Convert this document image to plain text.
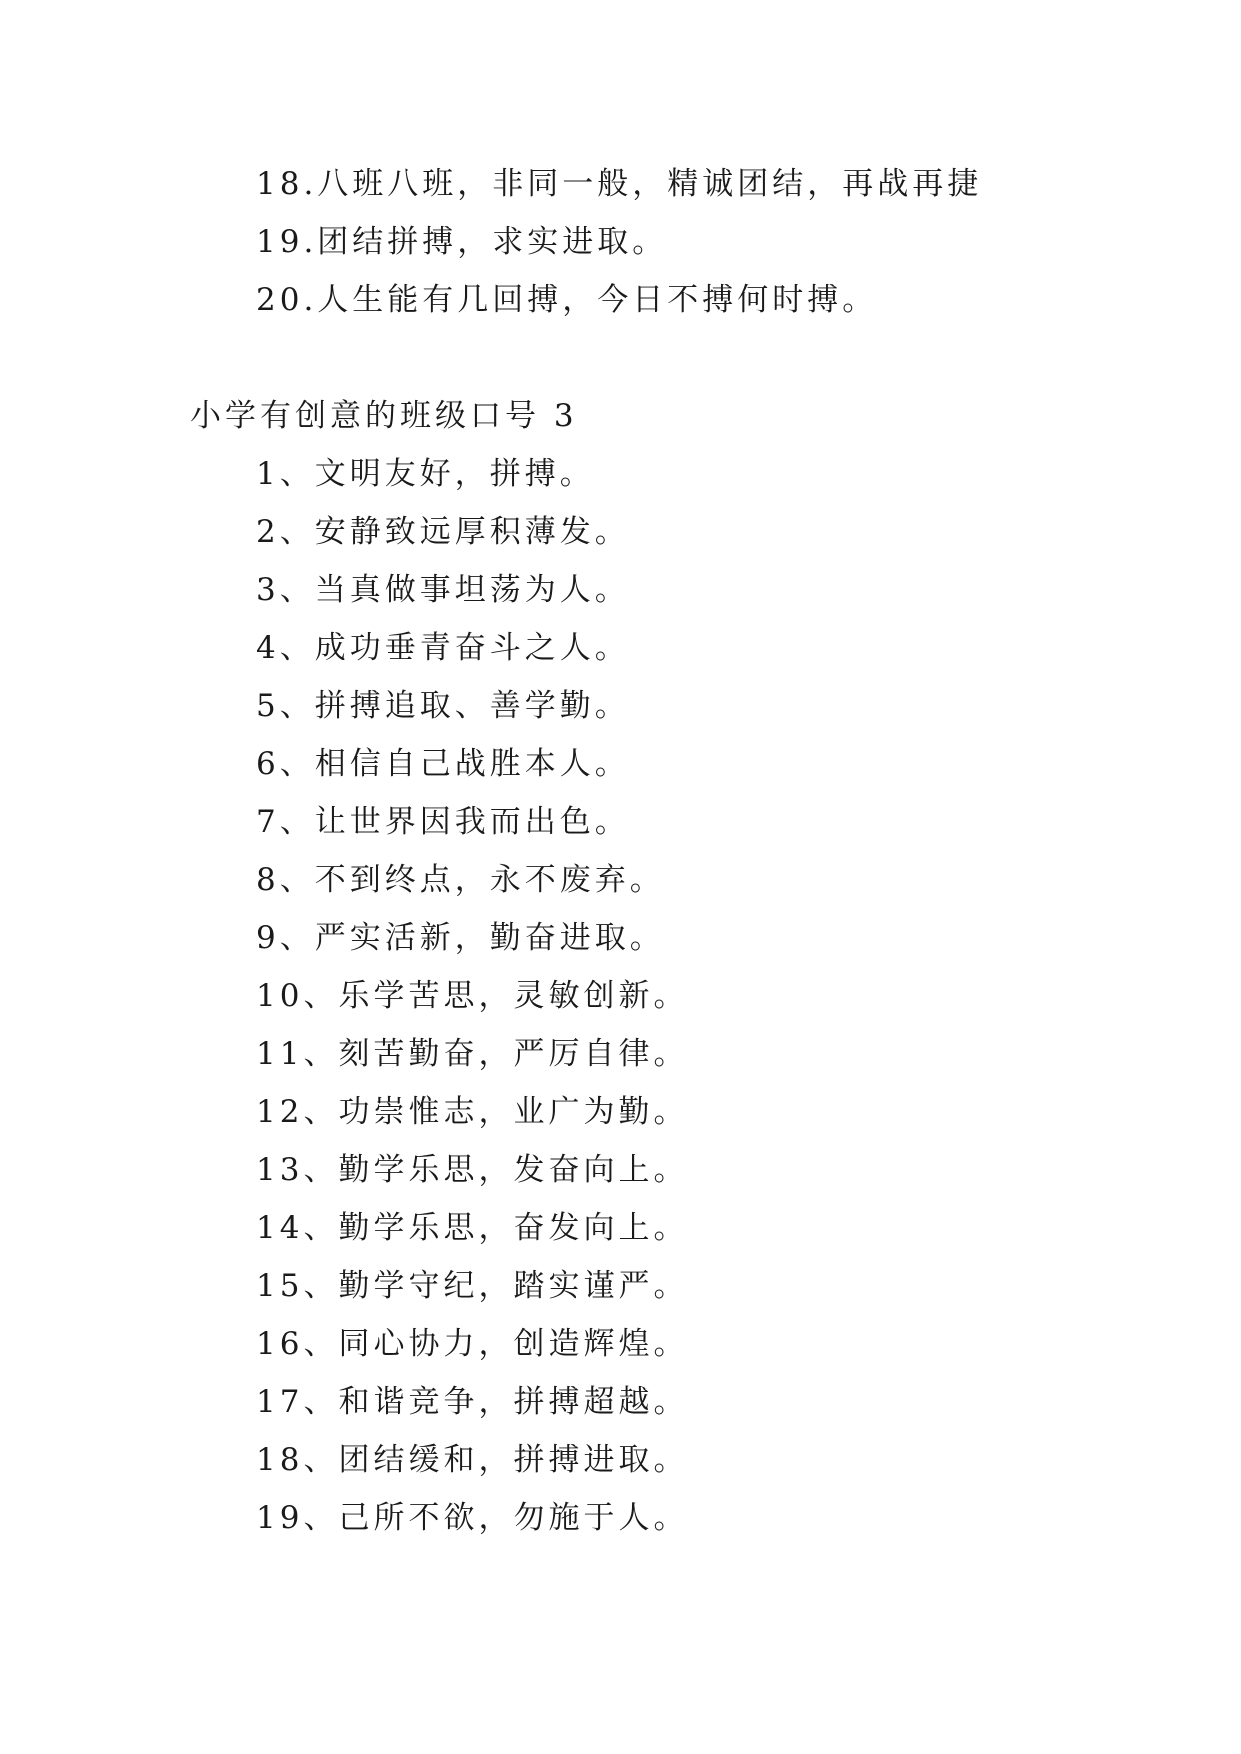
18.八班八班，非同一般，精诚团结，再战再捷
19.团结拼搏，求实进取。
20.人生能有几回搏，今日不搏何时搏。
小学有创意的班级口号 3
1、文明友好，拼搏。
2、安静致远厚积薄发。
3、当真做事坦荡为人。
4、成功垂青奋斗之人。
5、拼搏追取、善学勤。
6、相信自己战胜本人。
7、让世界因我而出色。
8、不到终点，永不废弃。
9、严实活新，勤奋进取。
10、乐学苦思，灵敏创新。
11、刻苦勤奋，严厉自律。
12、功崇惟志，业广为勤。
13、勤学乐思，发奋向上。
14、勤学乐思，奋发向上。
15、勤学守纪，踏实谨严。
16、同心协力，创造辉煌。
17、和谐竞争，拼搏超越。
18、团结缓和，拼搏进取。
19、己所不欲，勿施于人。
